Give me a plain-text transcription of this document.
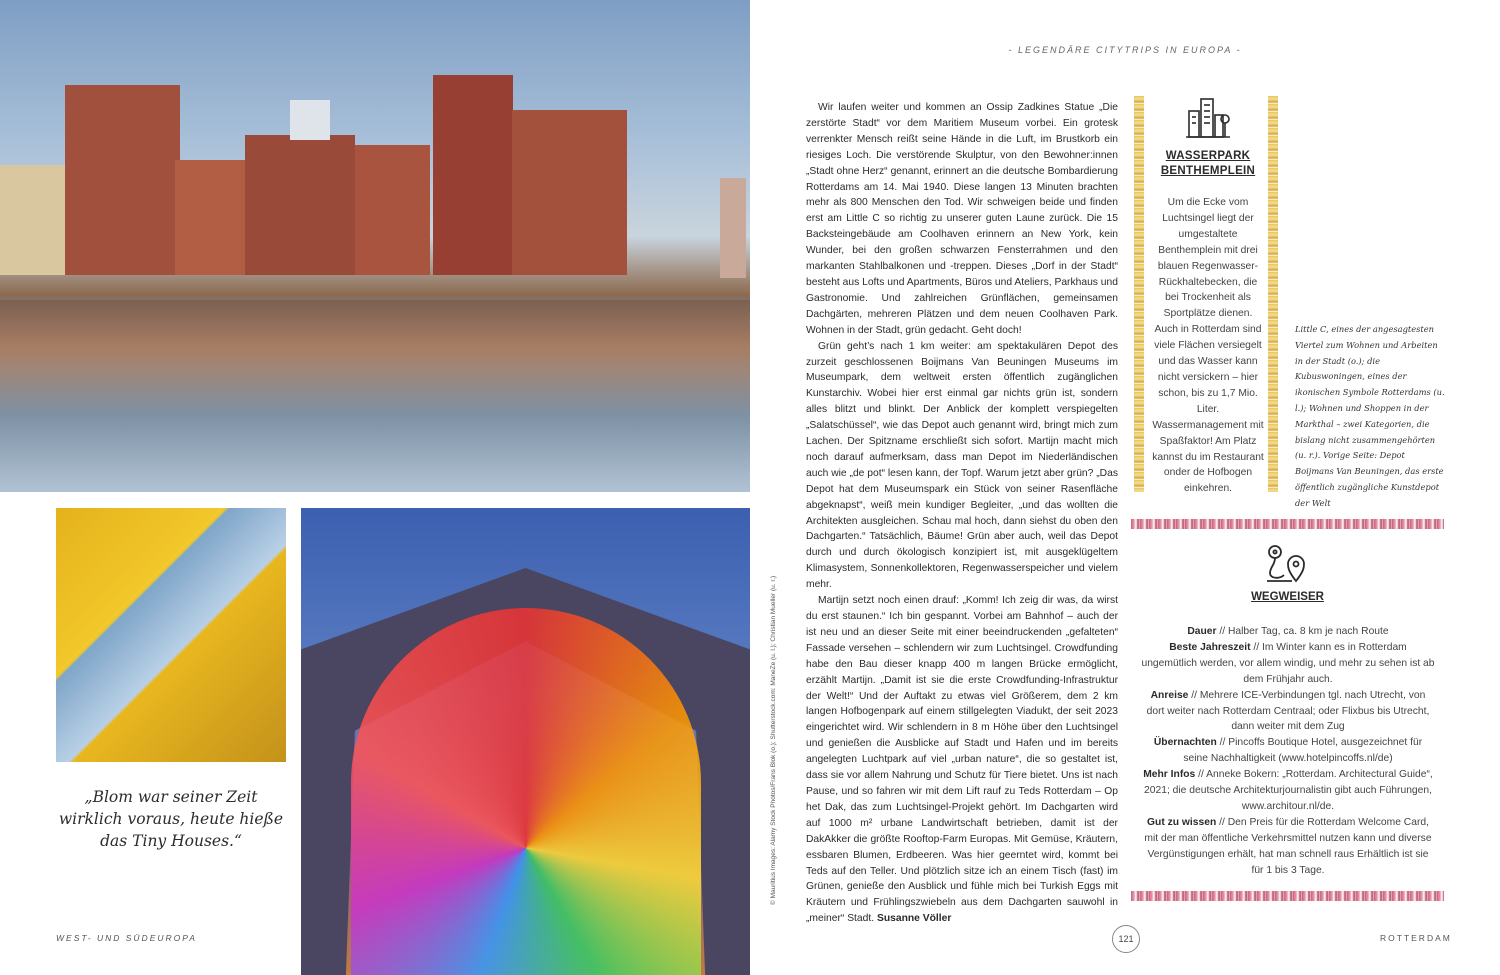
- LEGENDÄRE CITYTRIPS IN EUROPA -
WEST- UND SÜDEUROPA	121	ROTTERDAM
„Blom war seiner Zeit wirklich voraus, heute hieße das Tiny Houses.“	© Mauritius Images: Alamy Stock Photos/Frans Blok (o.); Shutterstock.com: ManeZe (u. l.); Christian Mueller (u. r.)

Wir laufen weiter und kommen an Ossip Zadkines Statue „Die zerstörte Stadt“ vor dem Maritiem Museum vorbei. Ein grotesk verrenkter Mensch reißt seine Hände in die Luft, im Brustkorb ein riesiges Loch. Die verstörende Skulptur, von den Bewohner:innen „Stadt ohne Herz“ genannt, erinnert an die deutsche Bombardierung Rotterdams am 14. Mai 1940. Diese langen 13 Minuten brachten mehr als 800 Menschen den Tod. Wir schweigen beide und finden erst am Little C so richtig zu unserer guten Laune zurück. Die 15 Backsteingebäude am Coolhaven erinnern an New York, kein Wunder, bei den großen schwarzen Fensterrahmen und den markanten Stahlbalkonen und -treppen. Dieses „Dorf in der Stadt“ besteht aus Lofts und Apartments, Büros und Ateliers, Parkhaus und Gastronomie. Und zahlreichen Grünflächen, gemeinsamen Dachgärten, mehreren Plätzen und dem neuen Coolhaven Park. Wohnen in der Stadt, grün gedacht. Geht doch!

Grün geht’s nach 1 km weiter: am spektakulären Depot des zurzeit geschlossenen Boijmans Van Beuningen Museums im Museumpark, dem weltweit ersten öffentlich zugänglichen Kunstarchiv. Wobei hier erst einmal gar nichts grün ist, sondern alles blitzt und blinkt. Der Anblick der komplett verspiegelten „Salatschüssel“, wie das Depot auch genannt wird, bringt mich zum Lachen. Der Spitzname erschließt sich sofort. Martijn macht mich noch darauf aufmerksam, dass man Depot im Niederländischen auch wie „de pot“ lesen kann, der Topf. Warum jetzt aber grün? „Das Depot hat dem Museumspark ein Stück von seiner Rasenfläche abgeknapst“, weiß mein kundiger Begleiter, „und das wollten die Architekten ausgleichen. Schau mal hoch, dann siehst du oben den Dachgarten.“ Tatsächlich, Bäume! Grün aber auch, weil das Depot durch und durch ökologisch konzipiert ist, mit ausgeklügeltem Klimasystem, Sonnenkollektoren, Regenwasserspeicher und vielem mehr.

Martijn setzt noch einen drauf: „Komm! Ich zeig dir was, da wirst du erst staunen.“ Ich bin gespannt. Vorbei am Bahnhof – auch der ist neu und an dieser Seite mit einer beeindruckenden „gefalteten“ Fassade versehen – schlendern wir zum Luchtsingel. Crowdfunding habe den Bau dieser knapp 400 m langen Brücke ermöglicht, erzählt Martijn. „Damit ist sie die erste Crowdfunding-Infrastruktur der Welt!“ Und der Auftakt zu etwas viel Größerem, dem 2 km langen Hofbogenpark auf einem stillgelegten Viadukt, der seit 2023 eingerichtet wird. Wir schlendern in 8 m Höhe über den Luchtsingel und genießen die Ausblicke auf Stadt und Hafen und im bereits angelegten Luchtpark auf viel „urban nature“, die so gestaltet ist, dass sie vor allem Nahrung und Schutz für Tiere bietet. Uns ist nach Pause, und so fahren wir mit dem Lift rauf zu Teds Rotterdam – Op het Dak, das zum Luchtsingel-Projekt gehört. Im Dachgarten wird auf 1000 m² urbane Landwirtschaft betrieben, damit ist der DakAkker die größte Rooftop-Farm Europas. Mit Gemüse, Kräutern, essbaren Blumen, Erdbeeren. Was hier geerntet wird, kommt bei Teds auf den Teller. Und plötzlich sitze ich an einem Tisch (fast) im Grünen, genieße den Ausblick und fühle mich bei Turkish Eggs mit Kräutern und Frühlingszwiebeln aus dem Dachgarten sauwohl in „meiner“ Stadt. Susanne Völler

WASSERPARK
BENTHEMPLEIN
Um die Ecke vom Luchtsingel liegt der umgestaltete Benthemplein mit drei blauen Regenwasser-Rückhaltebecken, die bei Trockenheit als Sportplätze dienen. Auch in Rotterdam sind viele Flächen versiegelt und das Wasser kann nicht versickern – hier schon, bis zu 1,7 Mio. Liter. Wassermanagement mit Spaßfaktor! Am Platz kannst du im Restaurant onder de Hofbogen einkehren.
Little C, eines der angesagtesten Viertel zum Wohnen und Arbeiten in der Stadt (o.); die Kubuswoningen, eines der ikonischen Symbole Rotterdams (u. l.); Wohnen und Shoppen in der Markthal – zwei Kategorien, die bislang nicht zusammengehörten (u. r.). Vorige Seite: Depot Boijmans Van Beuningen, das erste öffentlich zugängliche Kunstdepot der Welt
WEGWEISER

Dauer // Halber Tag, ca. 8 km je nach Route

Beste Jahreszeit // Im Winter kann es in Rotterdam ungemütlich werden, vor allem windig, und mehr zu sehen ist ab dem Frühjahr auch.

Anreise // Mehrere ICE-Verbindungen tgl. nach Utrecht, von dort weiter nach Rotterdam Centraal; oder Flixbus bis Utrecht, dann weiter mit dem Zug

Übernachten // Pincoffs Boutique Hotel, ausgezeichnet für seine Nachhaltigkeit (www.hotelpincoffs.nl/de)

Mehr Infos // Anneke Bokern: „Rotterdam. Architectural Guide“, 2021; die deutsche Architekturjournalistin gibt auch Führungen, www.architour.nl/de.

Gut zu wissen // Den Preis für die Rotterdam Welcome Card, mit der man öffentliche Verkehrsmittel nutzen kann und diverse Vergünstigungen erhält, hat man schnell raus Erhältlich ist sie für 1 bis 3 Tage.
